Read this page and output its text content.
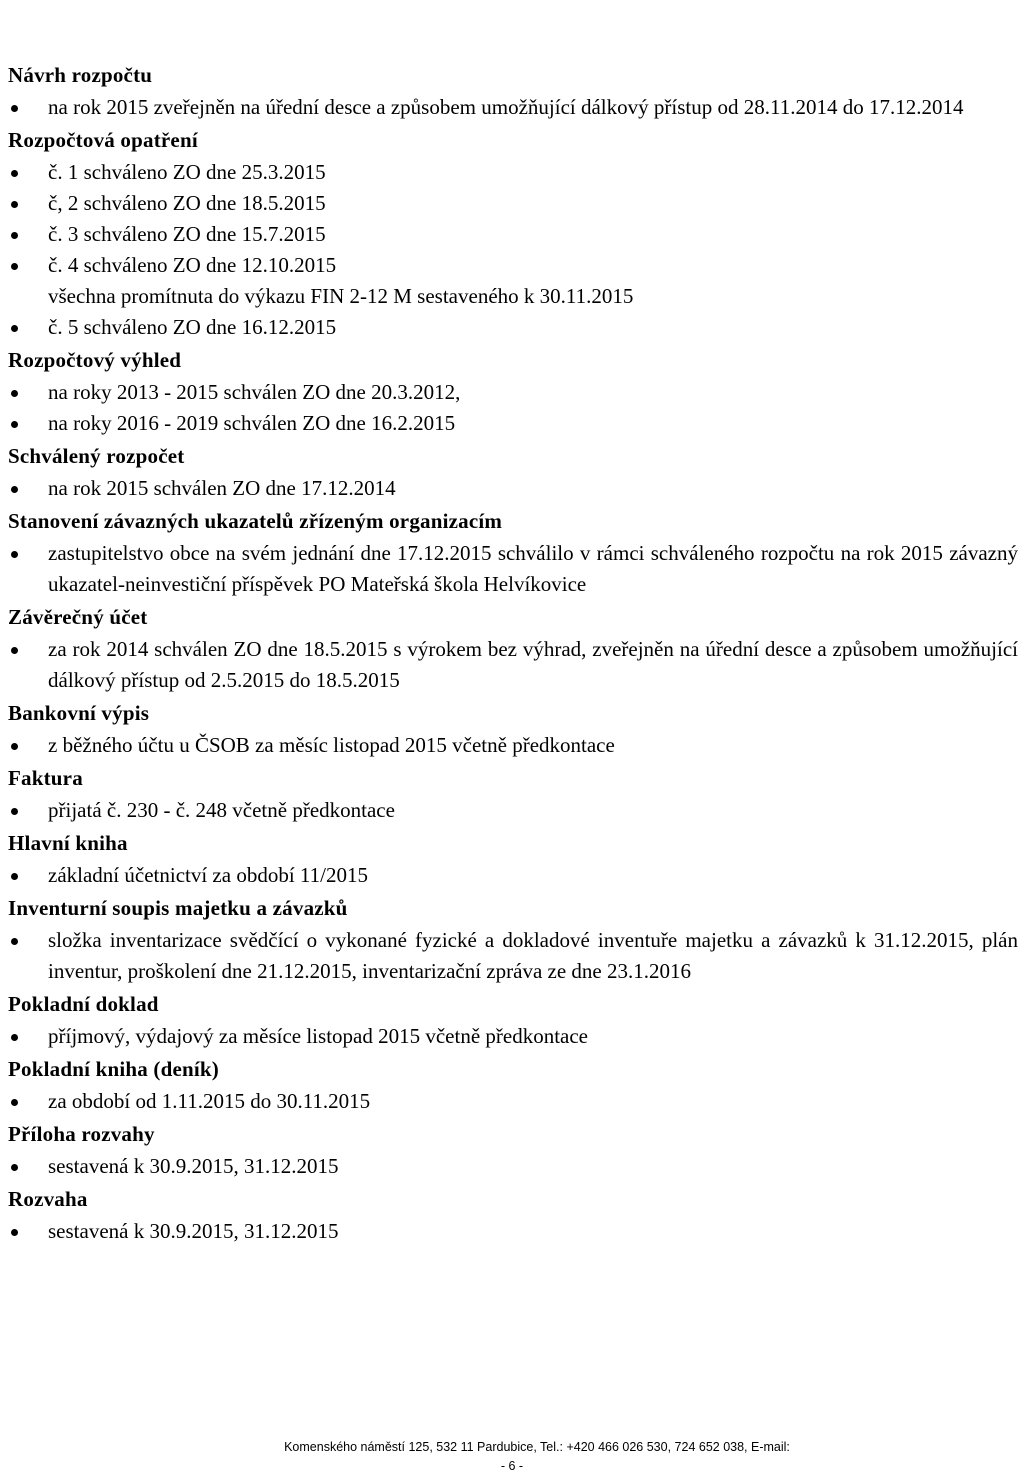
Návrh rozpočtu
na rok 2015 zveřejněn na úřední desce a způsobem umožňující dálkový přístup od 28.11.2014 do 17.12.2014
Rozpočtová opatření
č. 1 schváleno ZO dne 25.3.2015
č, 2 schváleno ZO dne 18.5.2015
č. 3 schváleno ZO dne 15.7.2015
č. 4 schváleno ZO dne 12.10.2015
všechna promítnuta do výkazu FIN 2-12 M sestaveného k 30.11.2015
č. 5 schváleno ZO dne 16.12.2015
Rozpočtový výhled
na roky 2013 - 2015 schválen ZO dne 20.3.2012,
na roky 2016 - 2019 schválen ZO dne 16.2.2015
Schválený rozpočet
na rok 2015 schválen ZO dne 17.12.2014
Stanovení závazných ukazatelů zřízeným organizacím
zastupitelstvo obce na svém jednání dne 17.12.2015 schválilo v rámci schváleného rozpočtu na rok 2015 závazný ukazatel-neinvestiční příspěvek PO Mateřská škola Helvíkovice
Závěrečný účet
za rok 2014 schválen ZO dne 18.5.2015 s výrokem bez výhrad, zveřejněn na úřední desce a způsobem umožňující dálkový přístup od 2.5.2015 do 18.5.2015
Bankovní výpis
z běžného účtu u ČSOB za měsíc listopad 2015 včetně předkontace
Faktura
přijatá č. 230 - č. 248 včetně předkontace
Hlavní kniha
základní účetnictví za období 11/2015
Inventurní soupis majetku a závazků
složka inventarizace svědčící o vykonané fyzické a dokladové inventuře majetku a závazků k 31.12.2015, plán inventur, proškolení dne 21.12.2015, inventarizační zpráva ze dne 23.1.2016
Pokladní doklad
příjmový, výdajový za měsíce listopad 2015 včetně předkontace
Pokladní kniha (deník)
za období od 1.11.2015 do 30.11.2015
Příloha rozvahy
sestavená k 30.9.2015, 31.12.2015
Rozvaha
sestavená k 30.9.2015, 31.12.2015
Komenského náměstí 125, 532 11 Pardubice, Tel.: +420 466 026 530, 724 652 038, E-mail:
- 6 -
